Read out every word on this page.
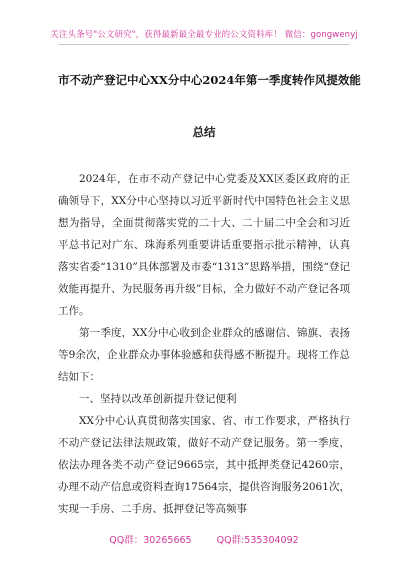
关注头条号"公文研究"，获得最新最全最专业的公文资料库！ 微信：gongwenyj
市不动产登记中心XX分中心2024年第一季度转作风提效能
总结

2024年，在市不动产登记中心党委及XX区委区政府的正确领导下，XX分中心坚持以习近平新时代中国特色社会主义思想为指导，全面贯彻落实党的二十大、二十届二中全会和习近平总书记对广东、珠海系列重要讲话重要指示批示精神，认真落实省委“1310”具体部署及市委“1313”思路举措，围绕“登记效能再提升、为民服务再升级”目标，全力做好不动产登记各项工作。

第一季度，XX分中心收到企业群众的感谢信、锦旗、表扬等9余次，企业群众办事体验感和获得感不断提升。现将工作总结如下：

一、坚持以改革创新提升登记便利

XX分中心认真贯彻落实国家、省、市工作要求，严格执行不动产登记法律法规政策，做好不动产登记服务。第一季度，依法办理各类不动产登记9665宗，其中抵押类登记4260宗，办理不动产信息或资料查询17564宗，提供咨询服务2061次，实现一手房、二手房、抵押登记等高频事

QQ群：30265665	QQ群:535304092
